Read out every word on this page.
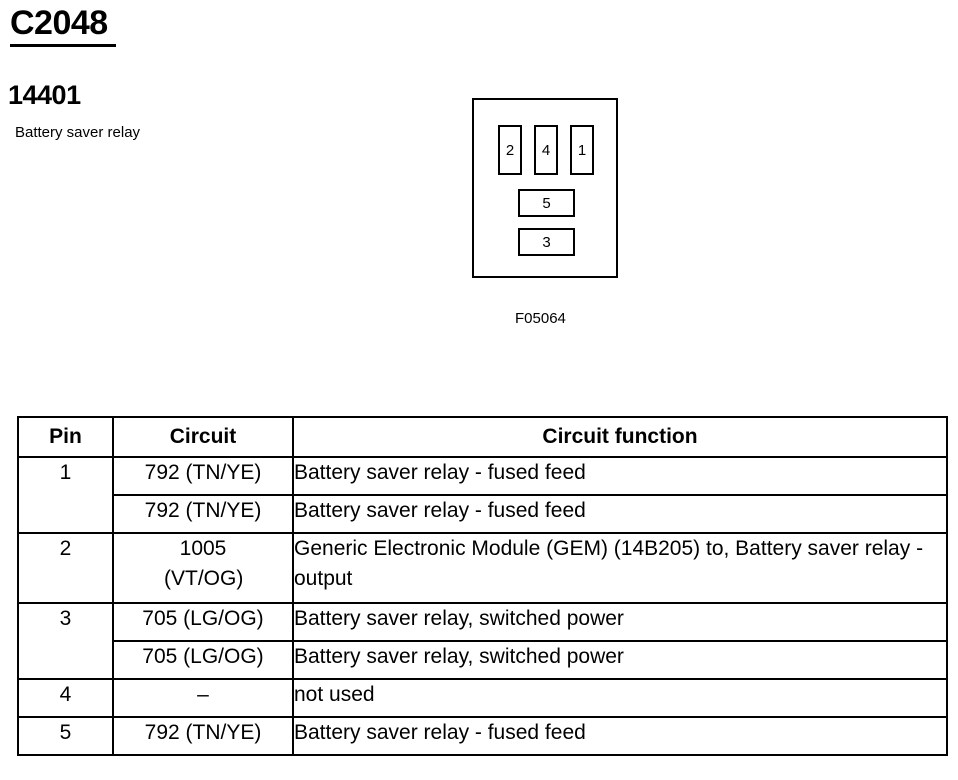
C2048
14401
Battery saver relay
2	4	1
5
3
F05064
Pin	Circuit	Circuit function
1	792 (TN/YE)	Battery saver relay - fused feed
	792 (TN/YE)	Battery saver relay - fused feed
2	1005 (VT/OG)	Generic Electronic Module (GEM) (14B205) to, Battery saver relay - output
3	705 (LG/OG)	Battery saver relay, switched power
	705 (LG/OG)	Battery saver relay, switched power
4	–	not used
5	792 (TN/YE)	Battery saver relay - fused feed
